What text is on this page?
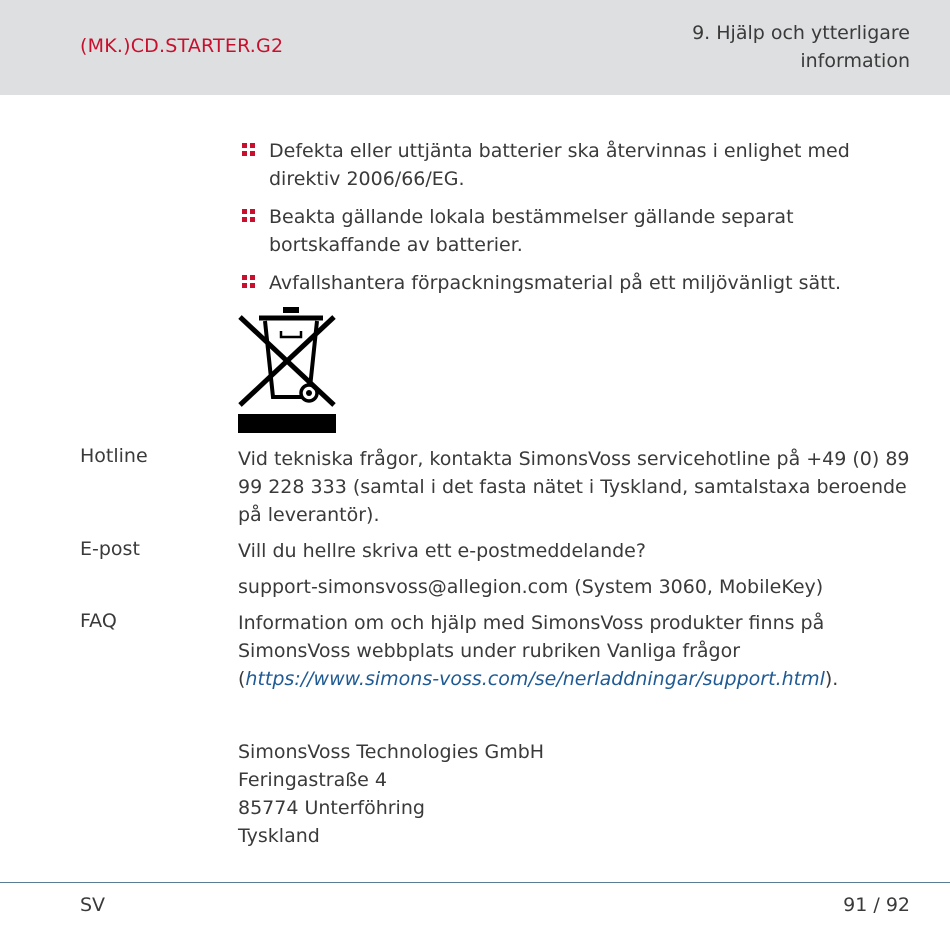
(MK.)CD.STARTER.G2
9. Hjälp och ytterligare
information
Defekta eller uttjänta batterier ska återvinnas i enlighet med direktiv 2006/66/EG.
Beakta gällande lokala bestämmelser gällande separat bortskaffande av batterier.
Avfallshantera förpackningsmaterial på ett miljövänligt sätt.
Hotline	Vid tekniska frågor, kontakta SimonsVoss servicehotline på +49 (0) 89 99 228 333 (samtal i det fasta nätet i Tyskland, samtalstaxa beroende på leverantör).
E-post	Vill du hellre skriva ett e-postmeddelande?
support-simonsvoss@allegion.com (System 3060, MobileKey)
FAQ	Information om och hjälp med SimonsVoss produkter finns på SimonsVoss webbplats under rubriken Vanliga frågor (https://www.simons-voss.com/se/nerladdningar/support.html).
SimonsVoss Technologies GmbH
Feringastraße 4
85774 Unterföhring
Tyskland
SV	91 / 92
